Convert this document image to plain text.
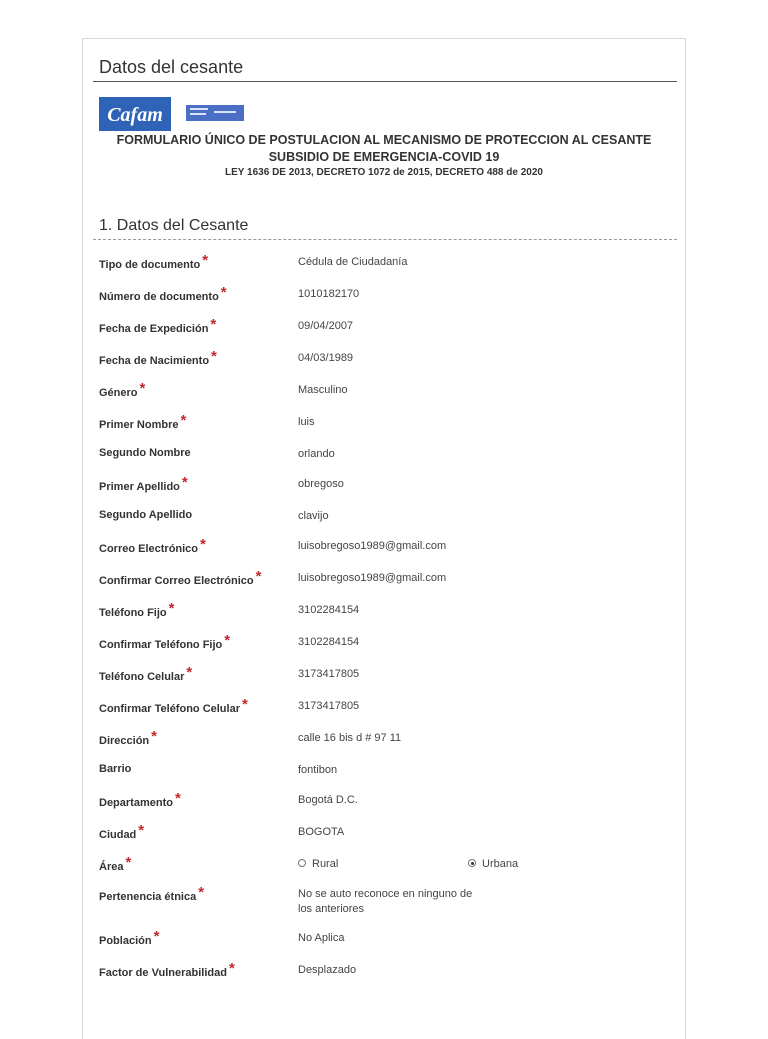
Datos del cesante
Cafam
FORMULARIO ÚNICO DE POSTULACION AL MECANISMO DE PROTECCION AL CESANTE
SUBSIDIO DE EMERGENCIA-COVID 19
LEY 1636 DE 2013, DECRETO 1072 de 2015, DECRETO 488 de 2020
1. Datos del Cesante
Tipo de documento *	Cédula de Ciudadanía
Número de documento *	1010182170
Fecha de Expedición *	09/04/2007
Fecha de Nacimiento *	04/03/1989
Género *	Masculino
Primer Nombre *	luis
Segundo Nombre	orlando
Primer Apellido *	obregoso
Segundo Apellido	clavijo
Correo Electrónico *	luisobregoso1989@gmail.com
Confirmar Correo Electrónico *	luisobregoso1989@gmail.com
Teléfono Fijo *	3102284154
Confirmar Teléfono Fijo *	3102284154
Teléfono Celular *	3173417805
Confirmar Teléfono Celular *	3173417805
Dirección *	calle 16 bis d # 97 11
Barrio	fontibon
Departamento *	Bogotá D.C.
Ciudad *	BOGOTA
Área *	Rural	Urbana
Pertenencia étnica *	No se auto reconoce en ninguno de los anteriores
Población *	No Aplica
Factor de Vulnerabilidad *	Desplazado
